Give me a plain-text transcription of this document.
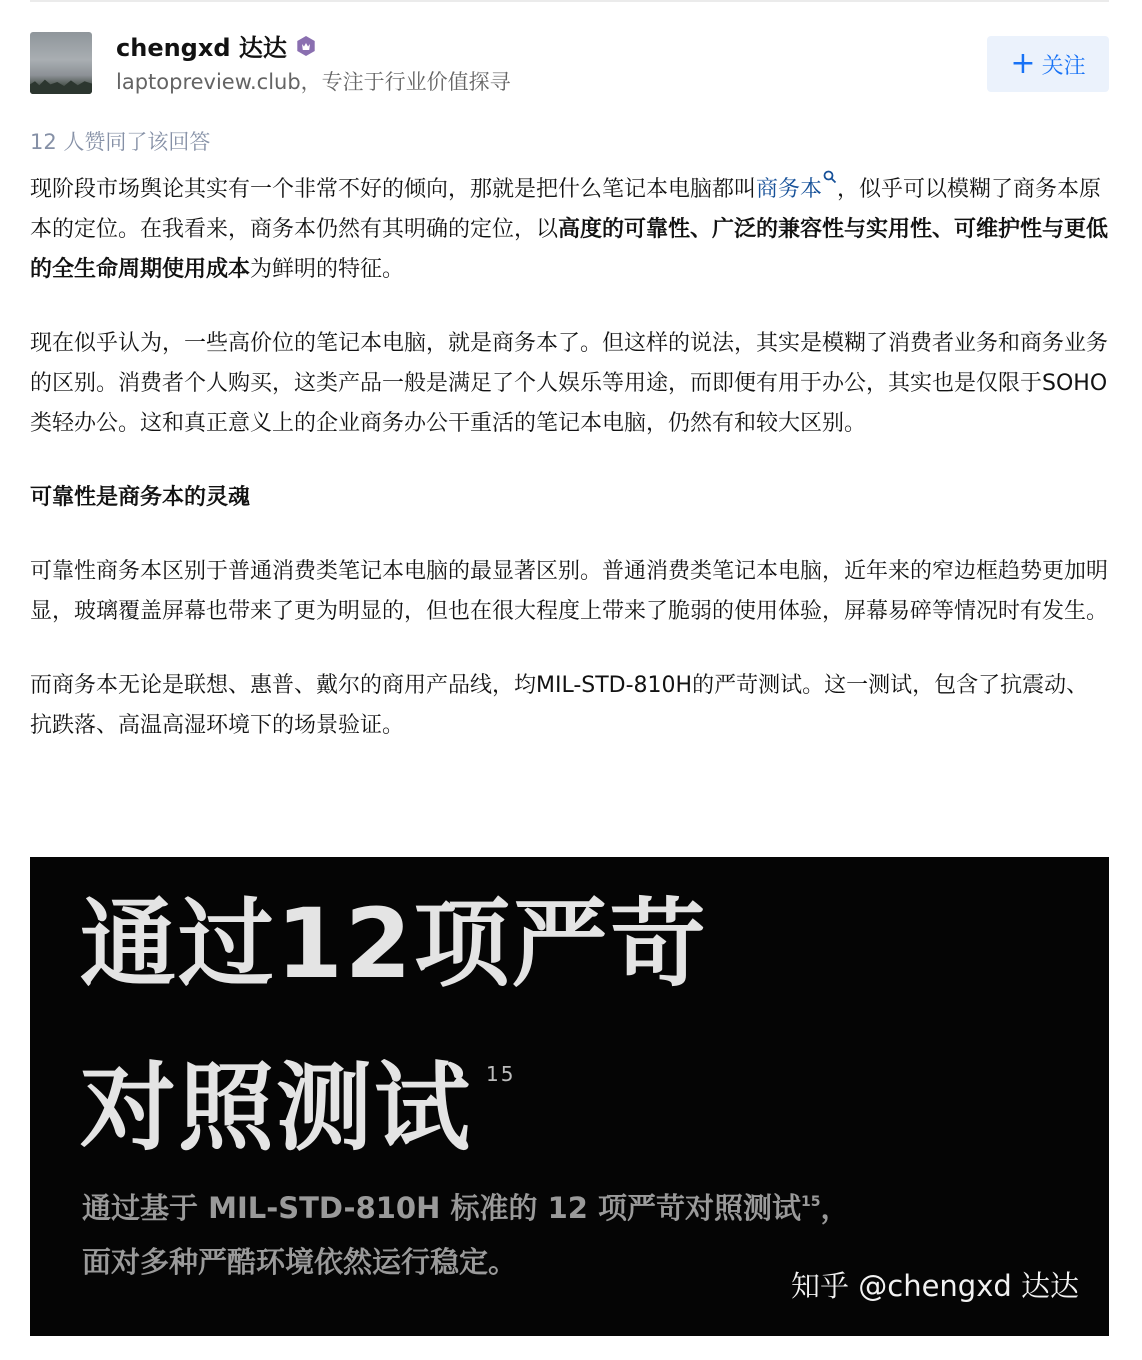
chengxd 达达
laptopreview.club，专注于行业价值探寻
+ 关注
12 人赞同了该回答

现阶段市场舆论其实有一个非常不好的倾向，那就是把什么笔记本电脑都叫商务本 ，似乎可以模糊了商务本原本的定位。在我看来，商务本仍然有其明确的定位，以高度的可靠性、广泛的兼容性与实用性、可维护性与更低的全生命周期使用成本为鲜明的特征。

现在似乎认为，一些高价位的笔记本电脑，就是商务本了。但这样的说法，其实是模糊了消费者业务和商务业务的区别。消费者个人购买，这类产品一般是满足了个人娱乐等用途，而即便有用于办公，其实也是仅限于SOHO类轻办公。这和真正意义上的企业商务办公干重活的笔记本电脑，仍然有和较大区别。

可靠性是商务本的灵魂

可靠性商务本区别于普通消费类笔记本电脑的最显著区别。普通消费类笔记本电脑，近年来的窄边框趋势更加明显，玻璃覆盖屏幕也带来了更为明显的，但也在很大程度上带来了脆弱的使用体验，屏幕易碎等情况时有发生。

而商务本无论是联想、惠普、戴尔的商用产品线，均MIL-STD-810H的严苛测试。这一测试，包含了抗震动、抗跌落、高温高湿环境下的场景验证。

通过12项严苛
对照测试 $^{15}$
通过基于 MIL-STD-810H 标准的 12 项严苛对照测试$^{15}$，
面对多种严酷环境依然运行稳定。
知乎 @chengxd 达达
